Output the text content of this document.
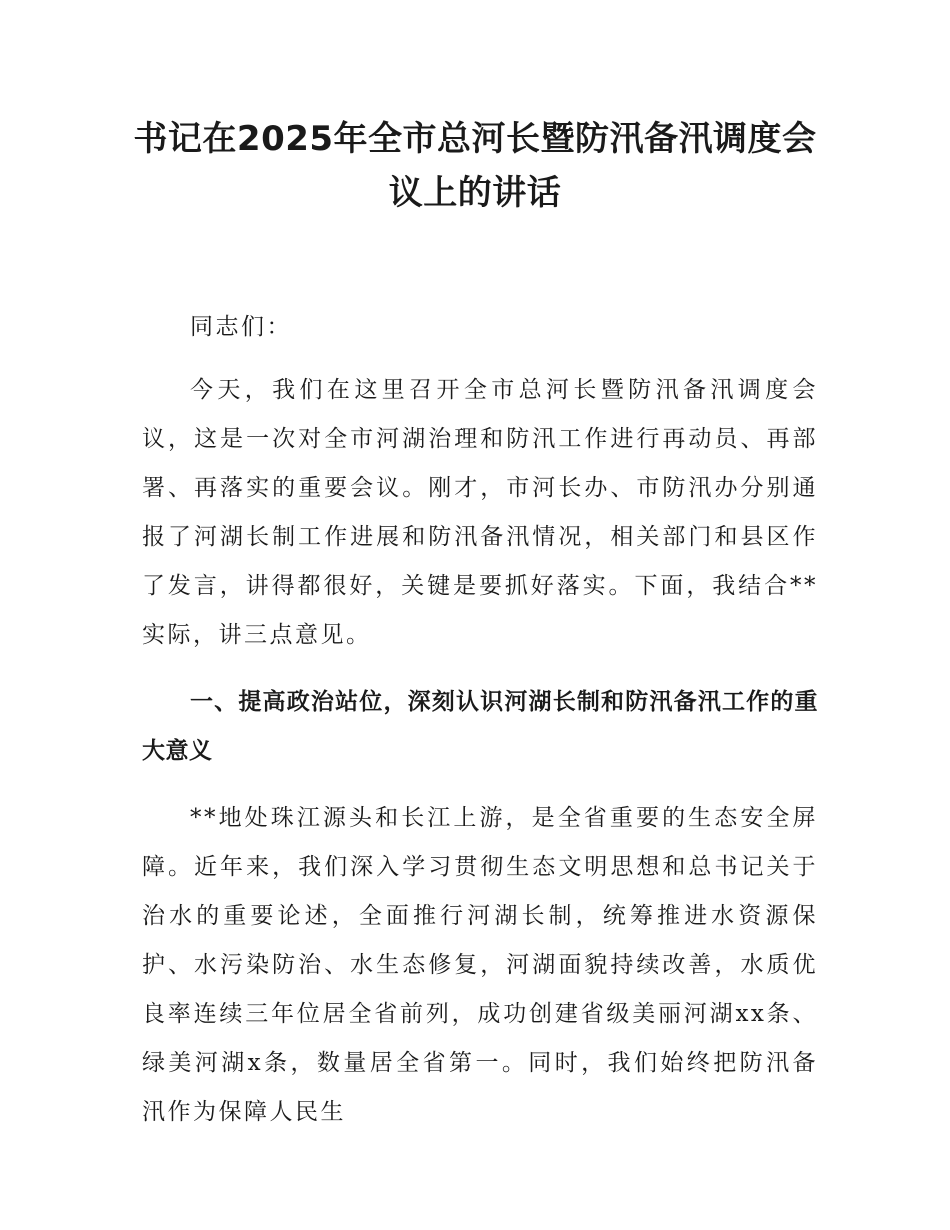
书记在2025年全市总河长暨防汛备汛调度会议上的讲话

同志们：

今天，我们在这里召开全市总河长暨防汛备汛调度会议，这是一次对全市河湖治理和防汛工作进行再动员、再部署、再落实的重要会议。刚才，市河长办、市防汛办分别通报了河湖长制工作进展和防汛备汛情况，相关部门和县区作了发言，讲得都很好，关键是要抓好落实。下面，我结合**实际，讲三点意见。

一、提高政治站位，深刻认识河湖长制和防汛备汛工作的重大意义

**地处珠江源头和长江上游，是全省重要的生态安全屏障。近年来，我们深入学习贯彻生态文明思想和总书记关于治水的重要论述，全面推行河湖长制，统筹推进水资源保护、水污染防治、水生态修复，河湖面貌持续改善，水质优良率连续三年位居全省前列，成功创建省级美丽河湖xx条、绿美河湖x条，数量居全省第一。同时，我们始终把防汛备汛作为保障人民生
